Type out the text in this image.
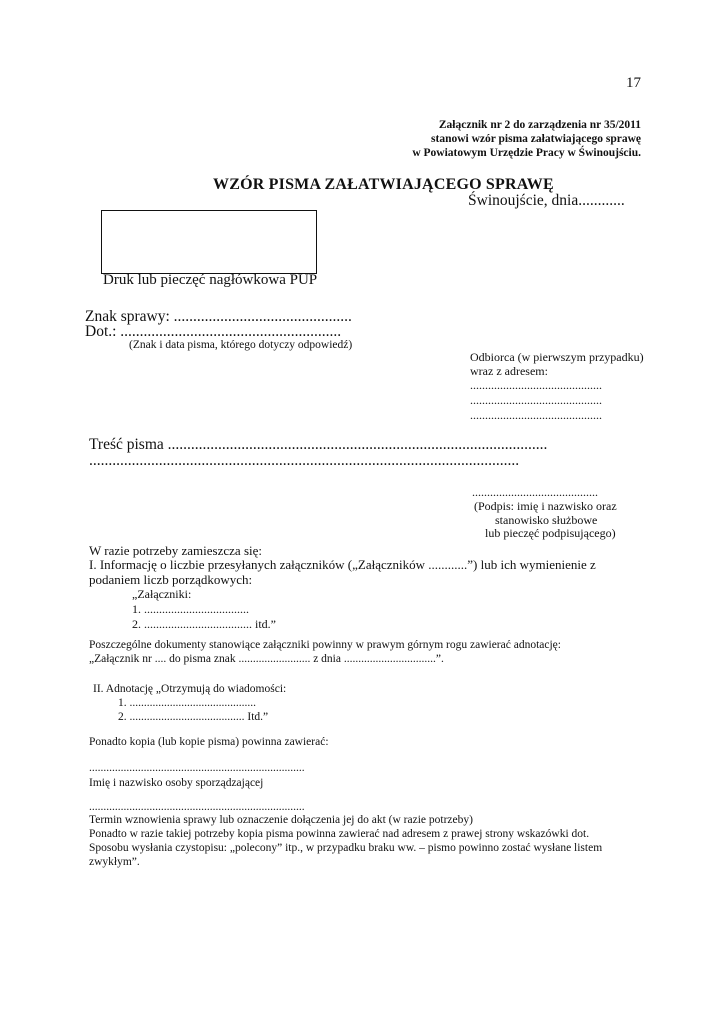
17
Załącznik nr 2 do zarządzenia nr 35/2011
stanowi wzór pisma załatwiającego sprawę
w Powiatowym Urzędzie Pracy w Świnoujściu.
WZÓR PISMA ZAŁATWIAJĄCEGO SPRAWĘ
Świnoujście, dnia............
Druk lub pieczęć nagłówkowa PUP
Znak sprawy: ..............................................
Dot.: .........................................................
(Znak i data pisma, którego dotyczy odpowiedź)
Odbiorca (w pierwszym przypadku)
wraz z adresem:
............................................
............................................
............................................
Treść pisma ..................................................................................................
...............................................................................................................
..........................................
(Podpis: imię i nazwisko oraz
stanowisko służbowe
lub pieczęć podpisującego)
W razie potrzeby zamieszcza się:
I. Informację o liczbie przesyłanych załączników („Załączników ............”) lub ich wymienienie z
podaniem liczb porządkowych:
„Załączniki:
1. ...................................
2. .................................... itd.”
Poszczególne dokumenty stanowiące załączniki powinny w prawym górnym rogu zawierać adnotację:
„Załącznik nr .... do pisma znak ......................... z dnia ................................”.
II. Adnotację „Otrzymują do wiadomości:
1. ............................................
2. ........................................ Itd.”
Ponadto kopia (lub kopie pisma) powinna zawierać:
...........................................................................
Imię i nazwisko osoby sporządzającej
...........................................................................
Termin wznowienia sprawy lub oznaczenie dołączenia jej do akt (w razie potrzeby)
Ponadto w razie takiej potrzeby kopia pisma powinna zawierać nad adresem z prawej strony wskazówki dot.
Sposobu wysłania czystopisu: „polecony” itp., w przypadku braku ww. – pismo powinno zostać wysłane listem
zwykłym”.
